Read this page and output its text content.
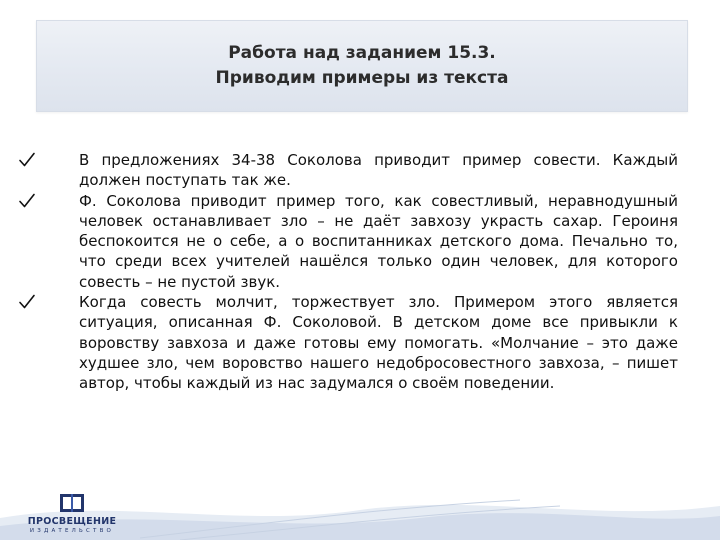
Работа над заданием 15.3.
Приводим примеры из текста
В предложениях 34-38 Соколова приводит пример совести. Каждый должен поступать так же.
Ф. Соколова приводит пример того, как совестливый, неравнодушный человек останавливает зло – не даёт завхозу украсть сахар. Героиня беспокоится не о себе, а о воспитанниках детского дома. Печально то, что среди всех учителей нашёлся только один человек, для которого совесть – не пустой звук.
Когда совесть молчит, торжествует зло. Примером этого является ситуация, описанная Ф. Соколовой. В детском доме все привыкли к воровству завхоза и даже готовы ему помогать. «Молчание – это даже худшее зло, чем воровство нашего недобросовестного завхоза, – пишет автор, чтобы каждый из нас задумался о своём поведении.
ПРОСВЕЩЕНИЕ
ИЗДАТЕЛЬСТВО
